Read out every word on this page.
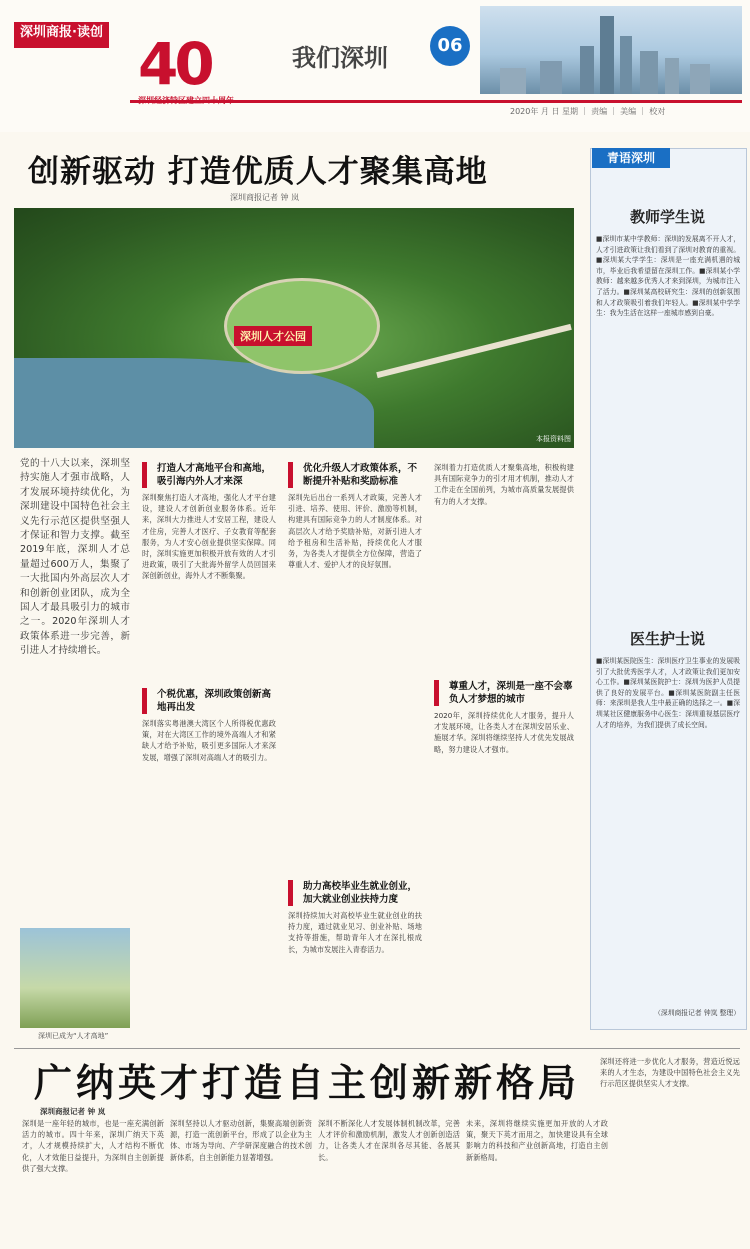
深圳商报·读创 40	我们深圳	06
2020年 月 日 星期 ｜ 责编 ｜ 美编 ｜ 校对
创新驱动 打造优质人才聚集高地
深圳商报记者 钟 岚
深圳人才公园
本报资料图
党的十八大以来，深圳坚持实施人才强市战略，人才发展环境持续优化，为深圳建设中国特色社会主义先行示范区提供坚强人才保证和智力支撑。截至2019年底，深圳人才总量超过600万人，集聚了一大批国内外高层次人才和创新创业团队，成为全国人才最具吸引力的城市之一。2020年深圳人才政策体系进一步完善，新引进人才持续增长。
深圳已成为“人才高地”
打造人才高地平台和高地，吸引海内外人才来深
深圳聚焦打造人才高地，强化人才平台建设，建设人才创新创业服务体系。近年来，深圳大力推进人才安居工程，建设人才住房，完善人才医疗、子女教育等配套服务，为人才安心创业提供坚实保障。同时，深圳实施更加积极开放有效的人才引进政策，吸引了大批海外留学人员回国来深创新创业，海外人才不断集聚。
个税优惠，深圳政策创新高地再出发
深圳落实粤港澳大湾区个人所得税优惠政策，对在大湾区工作的境外高端人才和紧缺人才给予补贴，吸引更多国际人才来深发展，增强了深圳对高端人才的吸引力。
优化升级人才政策体系，不断提升补贴和奖励标准
深圳先后出台一系列人才政策，完善人才引进、培养、使用、评价、激励等机制，构建具有国际竞争力的人才制度体系。对高层次人才给予奖励补贴，对新引进人才给予租房和生活补贴，持续优化人才服务，为各类人才提供全方位保障，营造了尊重人才、爱护人才的良好氛围。
助力高校毕业生就业创业，加大就业创业扶持力度
深圳持续加大对高校毕业生就业创业的扶持力度，通过就业见习、创业补贴、场地支持等措施，帮助青年人才在深扎根成长，为城市发展注入青春活力。
深圳着力打造优质人才聚集高地，积极构建具有国际竞争力的引才用才机制，推动人才工作走在全国前列，为城市高质量发展提供有力的人才支撑。
尊重人才，深圳是一座不会辜负人才梦想的城市
2020年，深圳持续优化人才服务，提升人才发展环境，让各类人才在深圳安居乐业、施展才华。深圳将继续坚持人才优先发展战略，努力建设人才强市。
青语深圳
教师学生说
■深圳市某中学教师：深圳的发展离不开人才，人才引进政策让我们看到了深圳对教育的重视。■深圳某大学学生：深圳是一座充满机遇的城市，毕业后我希望留在深圳工作。■深圳某小学教师：越来越多优秀人才来到深圳，为城市注入了活力。■深圳某高校研究生：深圳的创新氛围和人才政策吸引着我们年轻人。■深圳某中学学生：我为生活在这样一座城市感到自豪。
医生护士说
■深圳某医院医生：深圳医疗卫生事业的发展吸引了大批优秀医学人才，人才政策让我们更加安心工作。■深圳某医院护士：深圳为医护人员提供了良好的发展平台。■深圳某医院副主任医师：来深圳是我人生中最正确的选择之一。■深圳某社区健康服务中心医生：深圳重视基层医疗人才的培养，为我们提供了成长空间。
（深圳商报记者 钟岚 整理）
广纳英才打造自主创新新格局
深圳商报记者 钟 岚
深圳是一座年轻的城市，也是一座充满创新活力的城市。四十年来，深圳广纳天下英才，人才规模持续扩大，人才结构不断优化，人才效能日益提升，为深圳自主创新提供了强大支撑。
深圳坚持以人才驱动创新，集聚高端创新资源，打造一流创新平台，形成了以企业为主体、市场为导向、产学研深度融合的技术创新体系，自主创新能力显著增强。
深圳不断深化人才发展体制机制改革，完善人才评价和激励机制，激发人才创新创造活力，让各类人才在深圳各尽其能、各展其长。
未来，深圳将继续实施更加开放的人才政策，聚天下英才而用之，加快建设具有全球影响力的科技和产业创新高地，打造自主创新新格局。
深圳还将进一步优化人才服务，营造近悦远来的人才生态，为建设中国特色社会主义先行示范区提供坚实人才支撑。
